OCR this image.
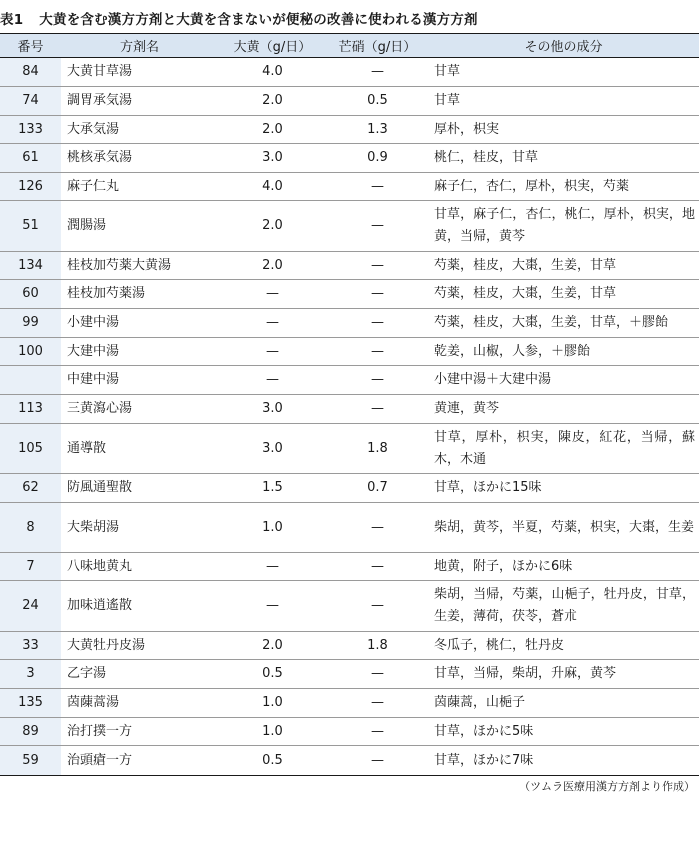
表1 大黄を含む漢方方剤と大黄を含まないが便秘の改善に使われる漢方方剤
番号	方剤名	大黄（g/日）	芒硝（g/日）	その他の成分
84	大黄甘草湯	4.0	—	甘草
74	調胃承気湯	2.0	0.5	甘草
133	大承気湯	2.0	1.3	厚朴，枳実
61	桃核承気湯	3.0	0.9	桃仁，桂皮，甘草
126	麻子仁丸	4.0	—	麻子仁，杏仁，厚朴，枳実，芍薬
51	潤腸湯	2.0	—	甘草，麻子仁，杏仁，桃仁，厚朴，枳実，地黄，当帰，黄芩
134	桂枝加芍薬大黄湯	2.0	—	芍薬，桂皮，大棗，生姜，甘草
60	桂枝加芍薬湯	—	—	芍薬，桂皮，大棗，生姜，甘草
99	小建中湯	—	—	芍薬，桂皮，大棗，生姜，甘草，＋膠飴
100	大建中湯	—	—	乾姜，山椒，人参，＋膠飴
	中建中湯	—	—	小建中湯＋大建中湯
113	三黄瀉心湯	3.0	—	黄連，黄芩
105	通導散	3.0	1.8	甘草，厚朴，枳実，陳皮，紅花，当帰，蘇木，木通
62	防風通聖散	1.5	0.7	甘草，ほかに15味
8	大柴胡湯	1.0	—	柴胡，黄芩，半夏，芍薬，枳実，大棗，生姜
7	八味地黄丸	—	—	地黄，附子，ほかに6味
24	加味逍遙散	—	—	柴胡，当帰，芍薬，山梔子，牡丹皮，甘草，生姜，薄荷，茯苓，蒼朮
33	大黄牡丹皮湯	2.0	1.8	冬瓜子，桃仁，牡丹皮
3	乙字湯	0.5	—	甘草，当帰，柴胡，升麻，黄芩
135	茵蔯蒿湯	1.0	—	茵蔯蒿，山梔子
89	治打撲一方	1.0	—	甘草，ほかに5味
59	治頭瘡一方	0.5	—	甘草，ほかに7味
（ツムラ医療用漢方方剤より作成）
